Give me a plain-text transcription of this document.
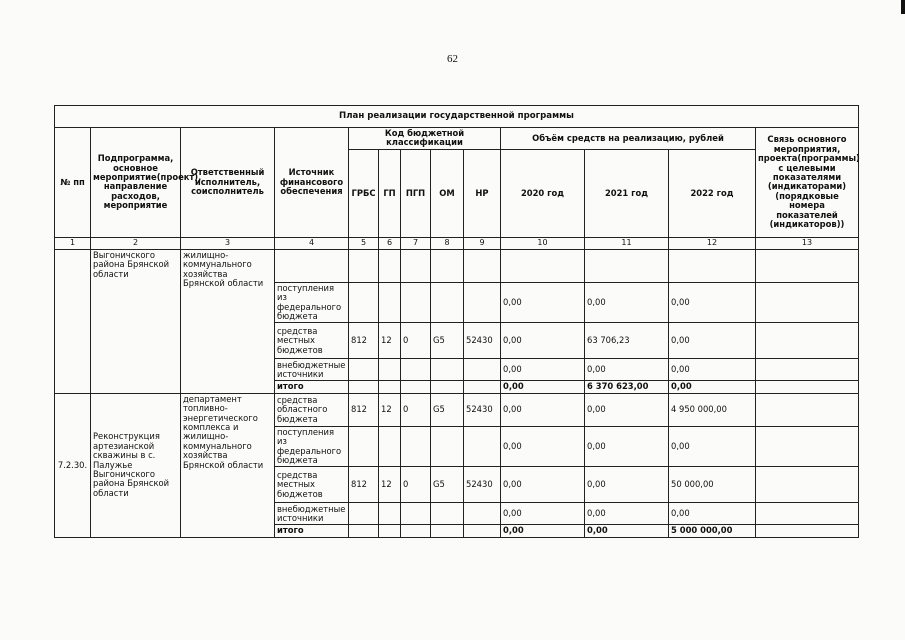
62
План реализации государственной программы												
№ пп	Подпрограмма, основное мероприятие(проект), направление расходов, мероприятие	Ответственный исполнитель, соисполнитель	Источник финансового обеспечения	Код бюджетной классификации					Объём средств на реализацию, рублей			Связь основного мероприятия, проекта(программы) с целевыми показателями (индикаторами) (порядковые номера показателей (индикаторов))
				ГРБС	ГП	ПГП	ОМ	НР	2020 год	2021 год	2022 год	
1	2	3	4	5	6	7	8	9	10	11	12	13
	Выгоничского района Брянской области	жилищно-коммунального хозяйства Брянской области										
			поступления из федерального бюджета						0,00	0,00	0,00	
			средства местных бюджетов	812	12	0	G5	52430	0,00	63 706,23	0,00	
			внебюджетные источники						0,00	0,00	0,00	
			итого						0,00	6 370 623,00	0,00	
7.2.30.	Реконструкция артезианской скважины в с. Палужье Выгоничского района Брянской области	департамент топливно-энергетического комплекса и жилищно-коммунального хозяйства Брянской области	средства областного бюджета	812	12	0	G5	52430	0,00	0,00	4 950 000,00	
			поступления из федерального бюджета						0,00	0,00	0,00	
			средства местных бюджетов	812	12	0	G5	52430	0,00	0,00	50 000,00	
			внебюджетные источники						0,00	0,00	0,00	
			итого						0,00	0,00	5 000 000,00	
